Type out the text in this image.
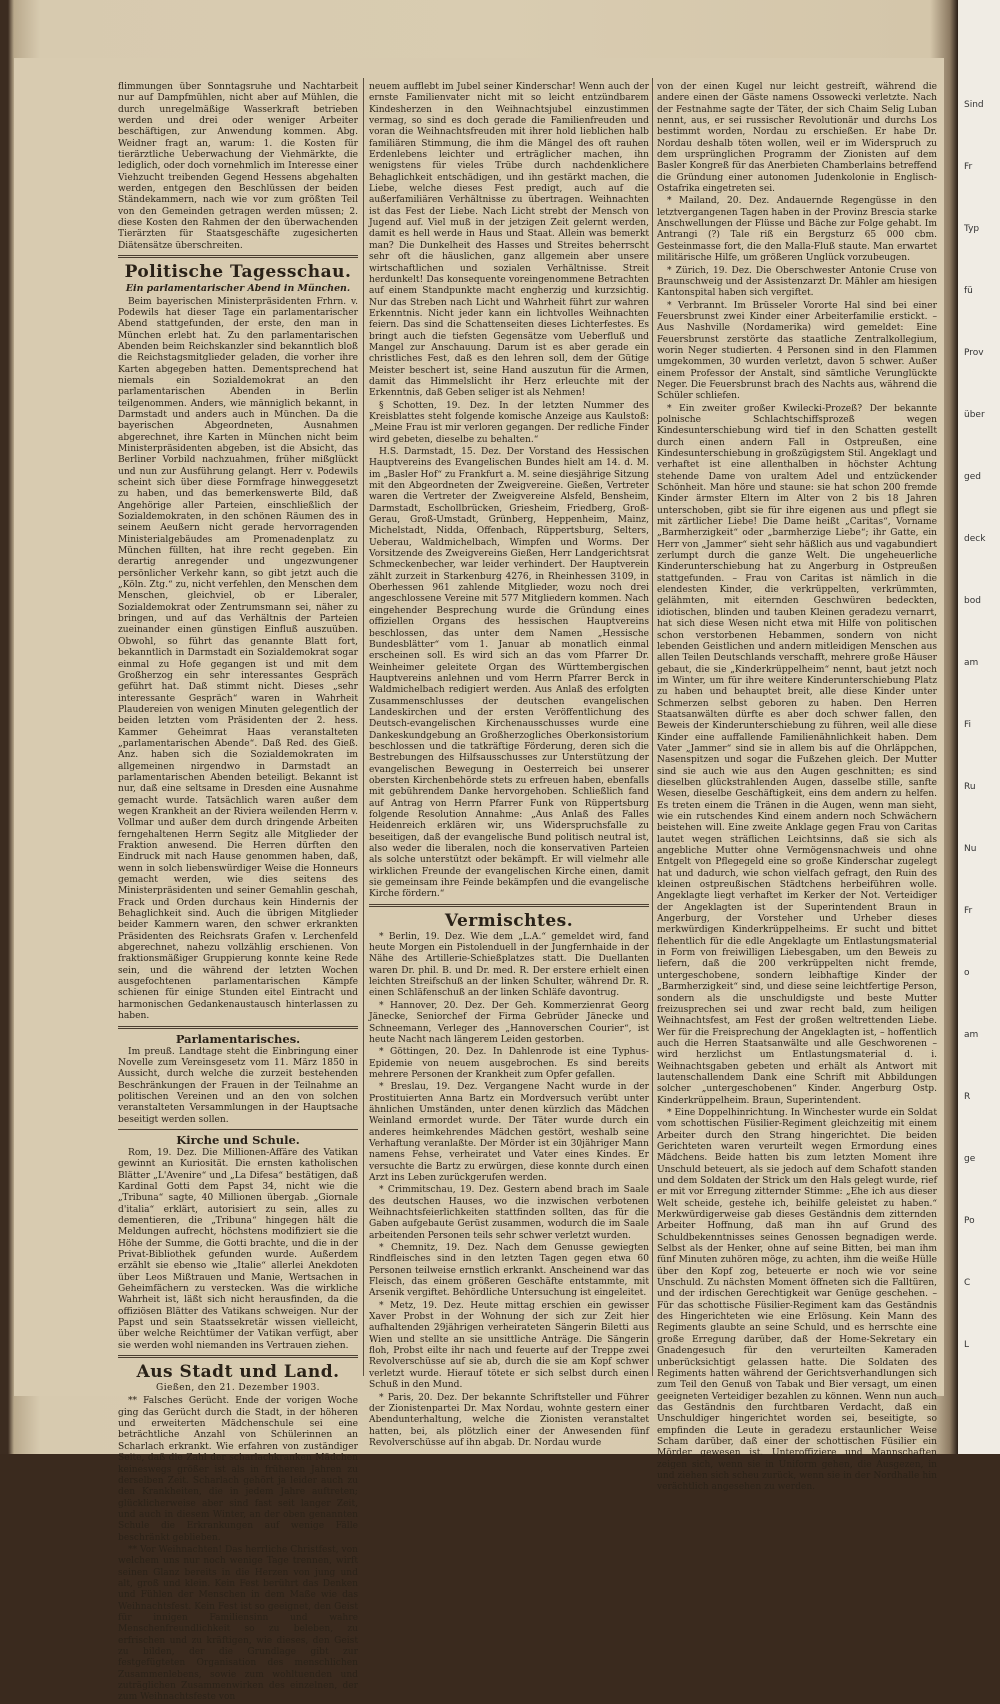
flimmungen über Sonntagsruhe und Nachtarbeit nur auf Dampfmühlen, nicht aber auf Mühlen, die durch unregelmäßige Wasserkraft betrieben werden und drei oder weniger Arbeiter beschäftigen, zur Anwendung kommen. Abg. Weidner fragt an, warum: 1. die Kosten für tierärztliche Ueberwachung der Viehmärkte, die lediglich, oder doch vornehmlich im Interesse einer Viehzucht treibenden Gegend Hessens abgehalten werden, entgegen den Beschlüssen der beiden Ständekammern, nach wie vor zum größten Teil von den Gemeinden getragen werden müssen; 2. diese Kosten den Rahmen der den überwachenden Tierärzten für Staatsgeschäfte zugesicherten Diätensätze überschreiten.

Politische Tagesschau.
Ein parlamentarischer Abend in München.

Beim bayerischen Ministerpräsidenten Frhrn. v. Podewils hat dieser Tage ein parlamentarischer Abend stattgefunden, der erste, den man in München erlebt hat. Zu den parlamentarischen Abenden beim Reichskanzler sind bekanntlich bloß die Reichstagsmitglieder geladen, die vorher ihre Karten abgegeben hatten. Dementsprechend hat niemals ein Sozialdemokrat an den parlamentarischen Abenden in Berlin teilgenommen. Anders, wie männiglich bekannt, in Darmstadt und anders auch in München. Da die bayerischen Abgeordneten, Ausnahmen abgerechnet, ihre Karten in München nicht beim Ministerpräsidenten abgeben, ist die Absicht, das Berliner Vorbild nachzuahmen, früher mißglückt und nun zur Ausführung gelangt. Herr v. Podewils scheint sich über diese Formfrage hinweggesetzt zu haben, und das bemerkenswerte Bild, daß Angehörige aller Parteien, einschließlich der Sozialdemokraten, in den schönen Räumen des in seinem Aeußern nicht gerade hervorragenden Ministerialgebäudes am Promenadenplatz zu München füllten, hat ihre recht gegeben. Ein derartig anregender und ungezwungener persönlicher Verkehr kann, so gibt jetzt auch die „Köln. Ztg.“ zu, nicht verfehlen, den Menschen dem Menschen, gleichviel, ob er Liberaler, Sozialdemokrat oder Zentrumsmann sei, näher zu bringen, und auf das Verhältnis der Parteien zueinander einen günstigen Einfluß auszuüben. Obwohl, so führt das genannte Blatt fort, bekanntlich in Darmstadt ein Sozialdemokrat sogar einmal zu Hofe gegangen ist und mit dem Großherzog ein sehr interessantes Gespräch geführt hat. Daß stimmt nicht. Dieses „sehr interessante Gespräch“ waren in Wahrheit Plaudereien von wenigen Minuten gelegentlich der beiden letzten vom Präsidenten der 2. hess. Kammer Geheimrat Haas veranstalteten „parlamentarischen Abende“. Daß Red. des Gieß. Anz. haben sich die Sozialdemokraten im allgemeinen nirgendwo in Darmstadt an parlamentarischen Abenden beteiligt. Bekannt ist nur, daß eine seltsame in Dresden eine Ausnahme gemacht wurde. Tatsächlich waren außer dem wegen Krankheit an der Riviera weilenden Herrn v. Vollmar und außer dem durch dringende Arbeiten ferngehaltenen Herrn Segitz alle Mitglieder der Fraktion anwesend. Die Herren dürften den Eindruck mit nach Hause genommen haben, daß, wenn in solch liebenswürdiger Weise die Honneurs gemacht werden, wie dies seitens des Ministerpräsidenten und seiner Gemahlin geschah, Frack und Orden durchaus kein Hindernis der Behaglichkeit sind. Auch die übrigen Mitglieder beider Kammern waren, den schwer erkrankten Präsidenten des Reichsrats Grafen v. Lerchenfeld abgerechnet, nahezu vollzählig erschienen. Von fraktionsmäßiger Gruppierung konnte keine Rede sein, und die während der letzten Wochen ausgefochtenen parlamentarischen Kämpfe schienen für einige Stunden eitel Eintracht und harmonischen Gedankenaustausch hinterlassen zu haben.

Parlamentarisches.

Im preuß. Landtage steht die Einbringung einer Novelle zum Vereinsgesetz vom 11. März 1850 in Aussicht, durch welche die zurzeit bestehenden Beschränkungen der Frauen in der Teilnahme an politischen Vereinen und an den von solchen veranstalteten Versammlungen in der Hauptsache beseitigt werden sollen.

Kirche und Schule.

Rom, 19. Dez. Die Millionen-Affäre des Vatikan gewinnt an Kuriosität. Die ernsten katholischen Blätter „L'Avenire“ und „La Difesa“ bestätigen, daß Kardinal Gotti dem Papst 34, nicht wie die „Tribuna“ sagte, 40 Millionen übergab. „Giornale d'italia“ erklärt, autorisiert zu sein, alles zu dementieren, die „Tribuna“ hingegen hält die Meldungen aufrecht, höchstens modifiziert sie die Höhe der Summe, die Gotti brachte, und die in der Privat-Bibliothek gefunden wurde. Außerdem erzählt sie ebenso wie „Italie“ allerlei Anekdoten über Leos Mißtrauen und Manie, Wertsachen in Geheimfächern zu verstecken. Was die wirkliche Wahrheit ist, läßt sich nicht herausfinden, da die offiziösen Blätter des Vatikans schweigen. Nur der Papst und sein Staatssekretär wissen vielleicht, über welche Reichtümer der Vatikan verfügt, aber sie werden wohl niemanden ins Vertrauen ziehen.

Aus Stadt und Land.
Gießen, den 21. Dezember 1903.

** Falsches Gerücht. Ende der vorigen Woche ging das Gerücht durch die Stadt, in der höheren und erweiterten Mädchenschule sei eine beträchtliche Anzahl von Schülerinnen an Scharlach erkrankt. Wie erfahren von zuständiger Seite, daß die Zahl der scharlachkranken Mädchen keineswegs größer ist als in früheren Jahren zu derselben Zeit. Scharlach gehört ja leider auch zu den Krankheiten, die in jedem Jahre auftreten; glücklicherweise aber sind fast seit langer Zeit, und auch in diesem Winter, an der oben genannten Schule die Erkrankungen auf wenige Fälle beschränkt geblieben.

** Vor Weihnachten! Das herrliche Christfest, von welchem uns nur noch wenige Tage trennen, wirft seinen Glanz bereits in die Herzen von jung und alt, groß und klein. Kein Fest berührt das Denken und Fühlen der Menschen in dem Maße wie das Weihnachtsfest. Kein Fest ist so geeignet, den Geist für innigen Familiensinn und wahre Menschenfreundlichkeit so zu beleben, zu erfrischen und zu kräftigen, wie dieses, den Geist zu bilden, der die Grundlage gibt zur festgefügteten Organisation des menschlichen Zusammenlebens, sowie zum wohltuenden und zuträglichen Zusammenwirken des einzelnen, der zum Weihnachtsfeste von

neuem aufflebt im Jubel seiner Kinderschar! Wenn auch der ernste Familienvater nicht mit so leicht entzündbarem Kindesherzen in den Weihnachtsjubel einzustimmen vermag, so sind es doch gerade die Familienfreuden und voran die Weihnachtsfreuden mit ihrer hold lieblichen halb familiären Stimmung, die ihm die Mängel des oft rauhen Erdenlebens leichter und erträglicher machen, ihn wenigstens für vieles Trübe durch nachdenklichere Behaglichkeit entschädigen, und ihn gestärkt machen, die Liebe, welche dieses Fest predigt, auch auf die außerfamiliären Verhältnisse zu übertragen. Weihnachten ist das Fest der Liebe. Nach Licht strebt der Mensch von Jugend auf. Viel muß in der jetzigen Zeit gelernt werden, damit es hell werde in Haus und Staat. Allein was bemerkt man? Die Dunkelheit des Hasses und Streites beherrscht sehr oft die häuslichen, ganz allgemein aber unsere wirtschaftlichen und sozialen Verhältnisse. Streit herdunkelt! Das konsequente voreingenommene Betrachten auf einem Standpunkte macht engherzig und kurzsichtig. Nur das Streben nach Licht und Wahrheit führt zur wahren Erkenntnis. Nicht jeder kann ein lichtvolles Weihnachten feiern. Das sind die Schattenseiten dieses Lichterfestes. Es bringt auch die tiefsten Gegensätze vom Ueberfluß und Mangel zur Anschauung. Darum ist es aber gerade ein christliches Fest, daß es den lehren soll, dem der Gütige Meister beschert ist, seine Hand auszutun für die Armen, damit das Himmelslicht ihr Herz erleuchte mit der Erkenntnis, daß Geben seliger ist als Nehmen!

§ Schotten, 19. Dez. In der letzten Nummer des Kreisblattes steht folgende komische Anzeige aus Kaulstoß: „Meine Frau ist mir verloren gegangen. Der redliche Finder wird gebeten, dieselbe zu behalten.“

H.S. Darmstadt, 15. Dez. Der Vorstand des Hessischen Hauptvereins des Evangelischen Bundes hielt am 14. d. M. im „Basler Hof“ zu Frankfurt a. M. seine diesjährige Sitzung mit den Abgeordneten der Zweigvereine. Gießen, Vertreter waren die Vertreter der Zweigvereine Alsfeld, Bensheim, Darmstadt, Eschollbrücken, Griesheim, Friedberg, Groß-Gerau, Groß-Umstadt, Grünberg, Heppenheim, Mainz, Michelstadt, Nidda, Offenbach, Rüppertsburg, Selters, Ueberau, Waldmichelbach, Wimpfen und Worms. Der Vorsitzende des Zweigvereins Gießen, Herr Landgerichtsrat Schmeckenbecher, war leider verhindert. Der Hauptverein zählt zurzeit in Starkenburg 4276, in Rheinhessen 3109, in Oberhessen 961 zahlende Mitglieder, wozu noch drei angeschlossene Vereine mit 577 Mitgliedern kommen. Nach eingehender Besprechung wurde die Gründung eines offiziellen Organs des hessischen Hauptvereins beschlossen, das unter dem Namen „Hessische Bundesblätter“ vom 1. Januar ab monatlich einmal erscheinen soll. Es wird sich an das vom Pfarrer Dr. Weinheimer geleitete Organ des Württembergischen Hauptvereins anlehnen und vom Herrn Pfarrer Berck in Waldmichelbach redigiert werden. Aus Anlaß des erfolgten Zusammenschlusses der deutschen evangelischen Landeskirchen und der ersten Veröffentlichung des Deutsch-evangelischen Kirchenausschusses wurde eine Dankeskundgebung an Großherzogliches Oberkonsistorium beschlossen und die tatkräftige Förderung, deren sich die Bestrebungen des Hilfsausschusses zur Unterstützung der evangelischen Bewegung in Oesterreich bei unserer obersten Kirchenbehörde stets zu erfreuen haben, ebenfalls mit gebührendem Danke hervorgehoben. Schließlich fand auf Antrag von Herrn Pfarrer Funk von Rüppertsburg folgende Resolution Annahme: „Aus Anlaß des Falles Heidenreich erklären wir, uns Widerspruchsfalle zu beseitigen, daß der evangelische Bund politisch neutral ist, also weder die liberalen, noch die konservativen Parteien als solche unterstützt oder bekämpft. Er will vielmehr alle wirklichen Freunde der evangelischen Kirche einen, damit sie gemeinsam ihre Feinde bekämpfen und die evangelische Kirche fördern.“

Vermischtes.

* Berlin, 19. Dez. Wie dem „L.A.“ gemeldet wird, fand heute Morgen ein Pistolenduell in der Jungfernhaide in der Nähe des Artillerie-Schießplatzes statt. Die Duellanten waren Dr. phil. B. und Dr. med. R. Der erstere erhielt einen leichten Streifschuß an der linken Schulter, während Dr. R. einen Schläfenschuß an der linken Schläfe davontrug.

* Hannover, 20. Dez. Der Geh. Kommerzienrat Georg Jänecke, Seniorchef der Firma Gebrüder Jänecke und Schneemann, Verleger des „Hannoverschen Courier“, ist heute Nacht nach längerem Leiden gestorben.

* Göttingen, 20. Dez. In Dahlenrode ist eine Typhus-Epidemie von neuem ausgebrochen. Es sind bereits mehrere Personen der Krankheit zum Opfer gefallen.

* Breslau, 19. Dez. Vergangene Nacht wurde in der Prostituierten Anna Bartz ein Mordversuch verübt unter ähnlichen Umständen, unter denen kürzlich das Mädchen Weinland ermordet wurde. Der Täter wurde durch ein anderes heimkehrendes Mädchen gestört, weshalb seine Verhaftung veranlaßte. Der Mörder ist ein 30jähriger Mann namens Fehse, verheiratet und Vater eines Kindes. Er versuchte die Bartz zu erwürgen, diese konnte durch einen Arzt ins Leben zurückgerufen werden.

* Crimmitschau, 19. Dez. Gestern abend brach im Saale des deutschen Hauses, wo die inzwischen verbotenen Weihnachtsfeierlichkeiten stattfinden sollten, das für die Gaben aufgebaute Gerüst zusammen, wodurch die im Saale arbeitenden Personen teils sehr schwer verletzt wurden.

* Chemnitz, 19. Dez. Nach dem Genusse gewiegten Rindfleisches sind in den letzten Tagen gegen etwa 60 Personen teilweise ernstlich erkrankt. Anscheinend war das Fleisch, das einem größeren Geschäfte entstammte, mit Arsenik vergiftet. Behördliche Untersuchung ist eingeleitet.

* Metz, 19. Dez. Heute mittag erschien ein gewisser Xaver Probst in der Wohnung der sich zur Zeit hier aufhaltenden 29jährigen verheirateten Sängerin Biletti aus Wien und stellte an sie unsittliche Anträge. Die Sängerin floh, Probst eilte ihr nach und feuerte auf der Treppe zwei Revolverschüsse auf sie ab, durch die sie am Kopf schwer verletzt wurde. Hierauf tötete er sich selbst durch einen Schuß in den Mund.

* Paris, 20. Dez. Der bekannte Schriftsteller und Führer der Zionistenpartei Dr. Max Nordau, wohnte gestern einer Abendunterhaltung, welche die Zionisten veranstaltet hatten, bei, als plötzlich einer der Anwesenden fünf Revolverschüsse auf ihn abgab. Dr. Nordau wurde

von der einen Kugel nur leicht gestreift, während die andere einen der Gäste namens Ossowecki verletzte. Nach der Festnahme sagte der Täter, der sich Chaim Selig Luban nennt, aus, er sei russischer Revolutionär und durchs Los bestimmt worden, Nordau zu erschießen. Er habe Dr. Nordau deshalb töten wollen, weil er im Widerspruch zu dem ursprünglichen Programm der Zionisten auf dem Basler Kongreß für das Anerbieten Chamberlains betreffend die Gründung einer autonomen Judenkolonie in Englisch-Ostafrika eingetreten sei.

* Mailand, 20. Dez. Andauernde Regengüsse in den letztvergangenen Tagen haben in der Provinz Brescia starke Anschwellungen der Flüsse und Bäche zur Folge gehabt. Im Antrangi (?) Tale riß ein Bergsturz 65 000 cbm. Gesteinmasse fort, die den Malla-Fluß staute. Man erwartet militärische Hilfe, um größeren Unglück vorzubeugen.

* Zürich, 19. Dez. Die Oberschwester Antonie Cruse von Braunschweig und der Assistenzarzt Dr. Mähler am hiesigen Kantonspital haben sich vergiftet.

* Verbrannt. Im Brüsseler Vororte Hal sind bei einer Feuersbrunst zwei Kinder einer Arbeiterfamilie erstickt. – Aus Nashville (Nordamerika) wird gemeldet: Eine Feuersbrunst zerstörte das staatliche Zentralkollegium, worin Neger studierten. 4 Personen sind in den Flammen umgekommen, 30 wurden verletzt, davon 5 schwer. Außer einem Professor der Anstalt, sind sämtliche Verunglückte Neger. Die Feuersbrunst brach des Nachts aus, während die Schüler schliefen.

* Ein zweiter großer Kwilecki-Prozeß? Der bekannte polnische Schlachtschiffsprozeß wegen Kindesunterschiebung wird tief in den Schatten gestellt durch einen andern Fall in Ostpreußen, eine Kindesunterschiebung in großzügigstem Stil. Angeklagt und verhaftet ist eine allenthalben in höchster Achtung stehende Dame von uraltem Adel und entzückender Schönheit. Man höre und staune: sie hat schon 200 fremde Kinder ärmster Eltern im Alter von 2 bis 18 Jahren unterschoben, gibt sie für ihre eigenen aus und pflegt sie mit zärtlicher Liebe! Die Dame heißt „Caritas“, Vorname „Barmherzigkeit“ oder „barmherzige Liebe“; ihr Gatte, ein Herr von „Jammer“ sieht sehr häßlich aus und vagabundiert zerlumpt durch die ganze Welt. Die ungeheuerliche Kinderunterschiebung hat zu Angerburg in Ostpreußen stattgefunden. – Frau von Caritas ist nämlich in die elendesten Kinder, die verkrüppelten, verkrümmten, gelähmten, mit eiternden Geschwüren bedeckten, idiotischen, blinden und tauben Kleinen geradezu vernarrt, hat sich diese Wesen nicht etwa mit Hilfe von politischen schon verstorbenen Hebammen, sondern von nicht lebenden Geistlichen und andern mitleidigen Menschen aus allen Teilen Deutschlands verschafft, mehrere große Häuser gebaut, die sie „Kinderkrüppelheim“ nennt, baut jetzt noch im Winter, um für ihre weitere Kinderunterschiebung Platz zu haben und behauptet breit, alle diese Kinder unter Schmerzen selbst geboren zu haben. Den Herren Staatsanwälten dürfte es aber doch schwer fallen, den Beweis der Kinderunterschiebung zu führen, weil alle diese Kinder eine auffallende Familienähnlichkeit haben. Dem Vater „Jammer“ sind sie in allem bis auf die Ohrläppchen, Nasenspitzen und sogar die Fußzehen gleich. Der Mutter sind sie auch wie aus den Augen geschnitten; es sind dieselben glückstrahlenden Augen, dasselbe stille, sanfte Wesen, dieselbe Geschäftigkeit, eins dem andern zu helfen. Es treten einem die Tränen in die Augen, wenn man sieht, wie ein rutschendes Kind einem andern noch Schwächern beistehen will. Eine zweite Anklage gegen Frau von Caritas lautet wegen sträflichen Leichtsinns, daß sie sich als angebliche Mutter ohne Vermögensnachweis und ohne Entgelt von Pflegegeld eine so große Kinderschar zugelegt hat und dadurch, wie schon vielfach gefragt, den Ruin des kleinen ostpreußischen Städtchens herbeiführen wolle. Angeklagte liegt verhaftet im Kerker der Not. Verteidiger der Angeklagten ist der Superintendent Braun in Angerburg, der Vorsteher und Urheber dieses merkwürdigen Kinderkrüppelheims. Er sucht und bittet flehentlich für die edle Angeklagte um Entlastungsmaterial in Form von freiwilligen Liebesgaben, um den Beweis zu liefern, daß die 200 verkrüppelten nicht fremde, untergeschobene, sondern leibhaftige Kinder der „Barmherzigkeit“ sind, und diese seine leichtfertige Person, sondern als die unschuldigste und beste Mutter freizusprechen sei und zwar recht bald, zum heiligen Weihnachtsfest, am Fest der großen weltrettenden Liebe. Wer für die Freisprechung der Angeklagten ist, – hoffentlich auch die Herren Staatsanwälte und alle Geschworenen – wird herzlichst um Entlastungsmaterial d. i. Weihnachtsgaben gebeten und erhält als Antwort mit lautenschallendem Dank eine Schrift mit Abbildungen solcher „untergeschobenen“ Kinder. Angerburg Ostp. Kinderkrüppelheim. Braun, Superintendent.

* Eine Doppelhinrichtung. In Winchester wurde ein Soldat vom schottischen Füsilier-Regiment gleichzeitig mit einem Arbeiter durch den Strang hingerichtet. Die beiden Gerichteten waren verurteilt wegen Ermordung eines Mädchens. Beide hatten bis zum letzten Moment ihre Unschuld beteuert, als sie jedoch auf dem Schafott standen und dem Soldaten der Strick um den Hals gelegt wurde, rief er mit vor Erregung zitternder Stimme: „Ehe ich aus dieser Welt scheide, gestehe ich, beihilfe geleistet zu haben.“ Merkwürdigerweise gab dieses Geständnis dem zitternden Arbeiter Hoffnung, daß man ihn auf Grund des Schuldbekenntnisses seines Genossen begnadigen werde. Selbst als der Henker, ohne auf seine Bitten, bei man ihm fünf Minuten zuhören möge, zu achten, ihm die weiße Hülle über den Kopf zog, beteuerte er noch wie vor seine Unschuld. Zu nächsten Moment öffneten sich die Falltüren, und der irdischen Gerechtigkeit war Genüge geschehen. – Für das schottische Füsilier-Regiment kam das Geständnis des Hingerichteten wie eine Erlösung. Kein Mann des Regiments glaubte an seine Schuld, und es herrschte eine große Erregung darüber, daß der Home-Sekretary ein Gnadengesuch für den verurteilten Kameraden unberücksichtigt gelassen hatte. Die Soldaten des Regiments hatten während der Gerichtsverhandlungen sich zum Teil den Genuß von Tabak und Bier versagt, um einen geeigneten Verteidiger bezahlen zu können. Wenn nun auch das Geständnis den furchtbaren Verdacht, daß ein Unschuldiger hingerichtet worden sei, beseitigte, so empfinden die Leute in geradezu erstaunlicher Weise Scham darüber, daß einer der schottischen Füsilier ein Mörder gewesen ist. Unteroffiziere und Mannschaften zeigen sich, wenn sie in Uniform gehen, die Ausgezen, in und ziehen sich scheu zurück, wenn sie in der Nordhalle hin verächtlich angesehen zu werden.

Sind
Fr
Typ
fü
Prov
über
ged
deck
bod
am
Fi
Ru
Nu
Fr
o
am
R
ge
Po
C
L
